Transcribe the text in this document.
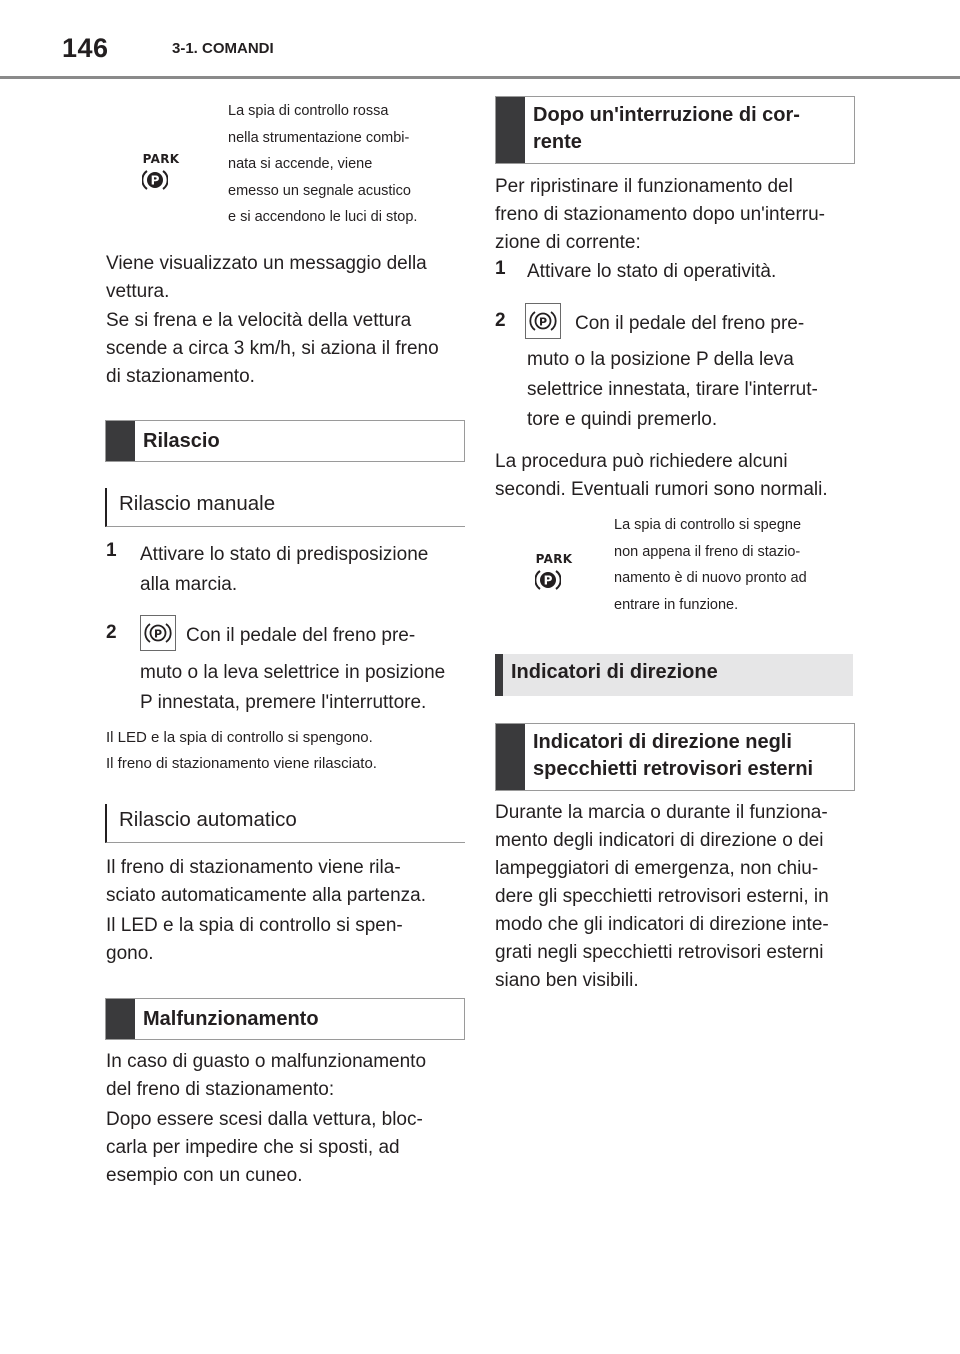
146	3-1. COMANDI
PARK
P
La spia di controllo rossa
nella strumentazione combi-
nata si accende, viene
emesso un segnale acustico
e si accendono le luci di stop.
Viene visualizzato un messaggio della
vettura.
Se si frena e la velocità della vettura
scende a circa 3 km/h, si aziona il freno
di stazionamento.
Rilascio
Rilascio manuale
1 Attivare lo stato di predisposizione
alla marcia.
2	P Con il pedale del freno pre-
muto o la leva selettrice in posizione
P innestata, premere l'interruttore.
Il LED e la spia di controllo si spengono.
Il freno di stazionamento viene rilasciato.
Rilascio automatico
Il freno di stazionamento viene rila-
sciato automaticamente alla partenza.
Il LED e la spia di controllo si spen-
gono.
Malfunzionamento
In caso di guasto o malfunzionamento
del freno di stazionamento:
Dopo essere scesi dalla vettura, bloc-
carla per impedire che si sposti, ad
esempio con un cuneo.
Dopo un'interruzione di cor-
rente
Per ripristinare il funzionamento del
freno di stazionamento dopo un'interru-
zione di corrente:
1 Attivare lo stato di operatività.
2	P Con il pedale del freno pre-
muto o la posizione P della leva
selettrice innestata, tirare l'interrut-
tore e quindi premerlo.
La procedura può richiedere alcuni
secondi. Eventuali rumori sono normali.
PARK
P
La spia di controllo si spegne
non appena il freno di stazio-
namento è di nuovo pronto ad
entrare in funzione.
Indicatori di direzione
Indicatori di direzione negli
specchietti retrovisori esterni
Durante la marcia o durante il funziona-
mento degli indicatori di direzione o dei
lampeggiatori di emergenza, non chiu-
dere gli specchietti retrovisori esterni, in
modo che gli indicatori di direzione inte-
grati negli specchietti retrovisori esterni
siano ben visibili.
